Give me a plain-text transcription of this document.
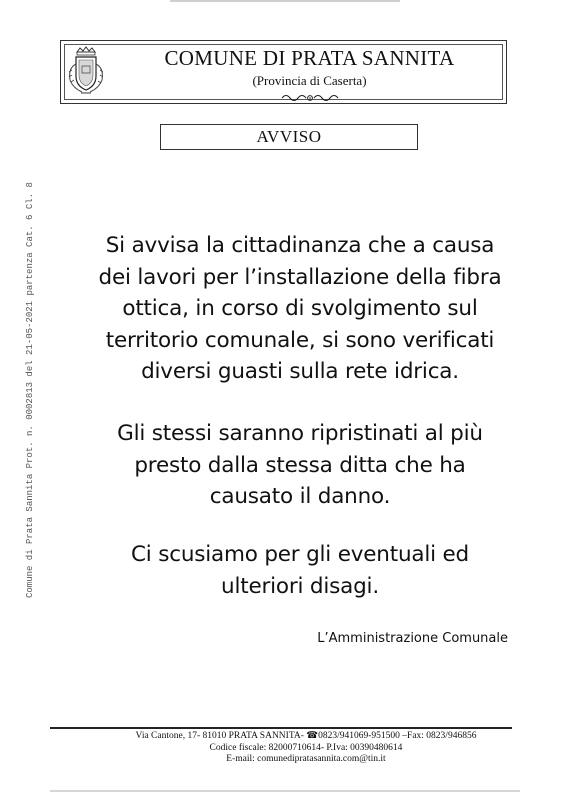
COMUNE DI PRATA SANNITA
(Provincia di Caserta)
AVVISO
Comune di Prata Sannita Prot. n. 0002813 del 21-05-2021 partenza Cat. 6 Cl. 8	Si avvisa la cittadinanza che a causa
dei lavori per l’installazione della fibra
ottica, in corso di svolgimento sul
territorio comunale, si sono verificati
diversi guasti sulla rete idrica.

Gli stessi saranno ripristinati al più
presto dalla stessa ditta che ha
causato il danno.

Ci scusiamo per gli eventuali ed
ulteriori disagi.

L’Amministrazione Comunale
Via Cantone, 17- 81010 PRATA SANNITA- ☎0823/941069-951500 –Fax: 0823/946856
Codice fiscale: 82000710614- P.Iva: 00390480614
E-mail: comunedipratasannita.com@tin.it
